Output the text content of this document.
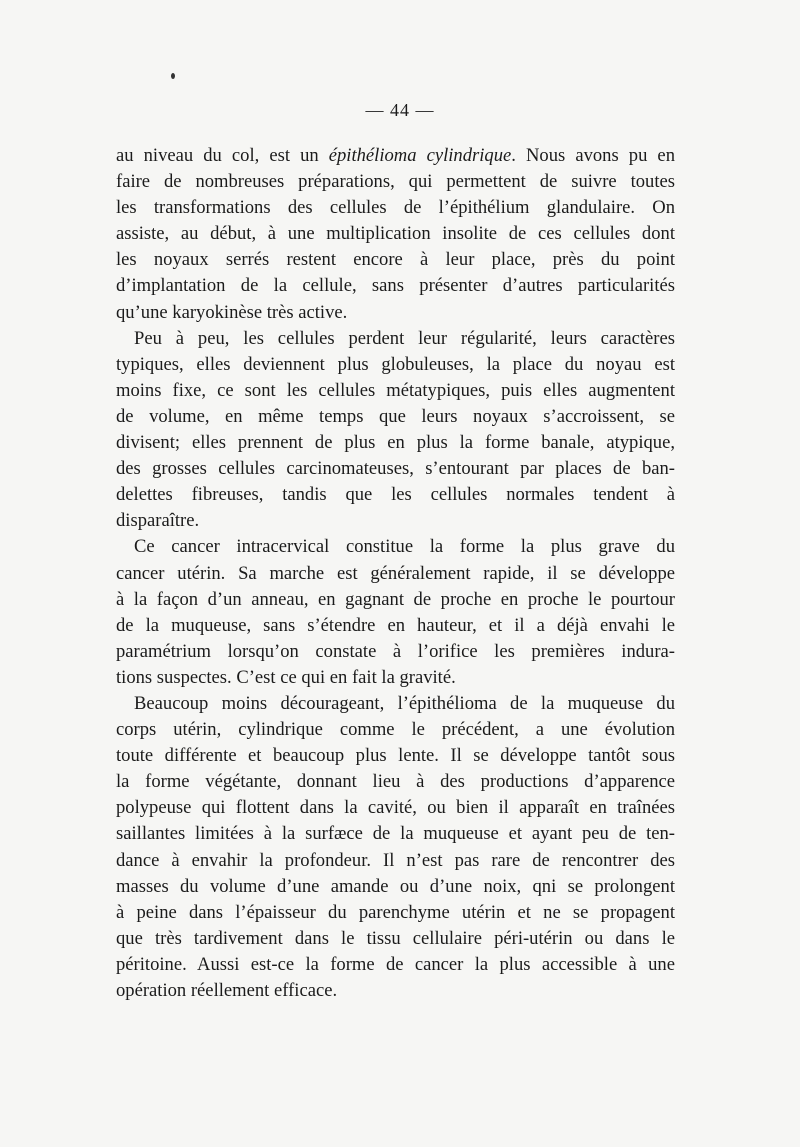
— 44 —
au niveau du col, est un épithélioma cylindrique. Nous avons pu en
faire de nombreuses préparations, qui permettent de suivre toutes
les transformations des cellules de l’épithélium glandulaire. On
assiste, au début, à une multiplication insolite de ces cellules dont
les noyaux serrés restent encore à leur place, près du point
d’implantation de la cellule, sans présenter d’autres particularités
qu’une karyokinèse très active.
Peu à peu, les cellules perdent leur régularité, leurs caractères
typiques, elles deviennent plus globuleuses, la place du noyau est
moins fixe, ce sont les cellules métatypiques, puis elles augmentent
de volume, en même temps que leurs noyaux s’accroissent, se
divisent; elles prennent de plus en plus la forme banale, atypique,
des grosses cellules carcinomateuses, s’entourant par places de ban-
delettes fibreuses, tandis que les cellules normales tendent à
disparaître.
Ce cancer intracervical constitue la forme la plus grave du
cancer utérin. Sa marche est généralement rapide, il se développe
à la façon d’un anneau, en gagnant de proche en proche le pourtour
de la muqueuse, sans s’étendre en hauteur, et il a déjà envahi le
paramétrium lorsqu’on constate à l’orifice les premières indura-
tions suspectes. C’est ce qui en fait la gravité.
Beaucoup moins décourageant, l’épithélioma de la muqueuse du
corps utérin, cylindrique comme le précédent, a une évolution
toute différente et beaucoup plus lente. Il se développe tantôt sous
la forme végétante, donnant lieu à des productions d’apparence
polypeuse qui flottent dans la cavité, ou bien il apparaît en traînées
saillantes limitées à la surfæce de la muqueuse et ayant peu de ten-
dance à envahir la profondeur. Il n’est pas rare de rencontrer des
masses du volume d’une amande ou d’une noix, qni se prolongent
à peine dans l’épaisseur du parenchyme utérin et ne se propagent
que très tardivement dans le tissu cellulaire péri-utérin ou dans le
péritoine. Aussi est-ce la forme de cancer la plus accessible à une
opération réellement efficace.
